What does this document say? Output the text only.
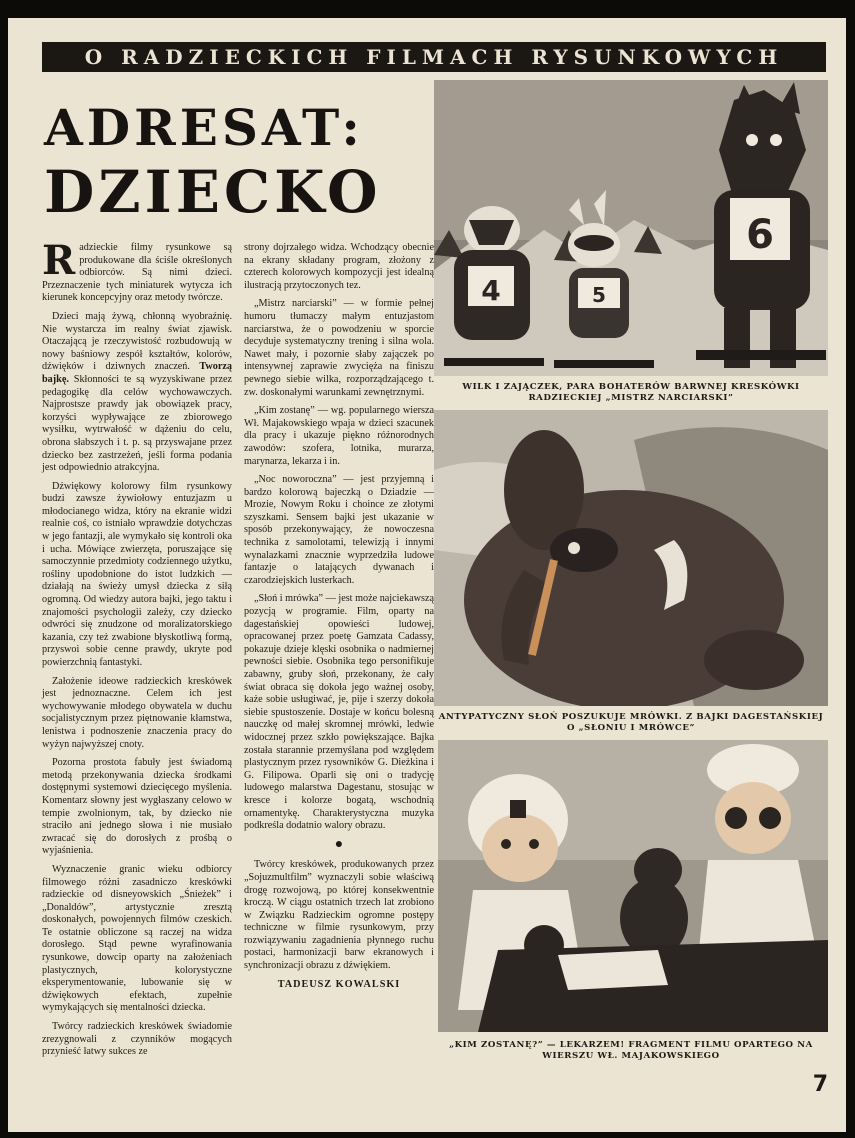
O RADZIECKICH FILMACH RYSUNKOWYCH
ADRESAT:
DZIECKO

Radzieckie filmy rysunkowe są produkowane dla ściśle określonych odbiorców. Są nimi dzieci. Przeznaczenie tych miniaturek wytycza ich kierunek koncepcyjny oraz metody twórcze.

Dzieci mają żywą, chłonną wyobraźnię. Nie wystarcza im realny świat zjawisk. Otaczającą je rzeczywistość rozbudowują w nowy baśniowy zespół kształtów, kolorów, dźwięków i dziwnych znaczeń. Tworzą bajkę. Skłonności te są wyzyskiwane przez pedagogikę dla celów wychowawczych. Najprostsze prawdy jak obowiązek pracy, korzyści wypływające ze zbiorowego wysiłku, wytrwałość w dążeniu do celu, obrona słabszych i t. p. są przyswajane przez dziecko bez zastrzeżeń, jeśli forma podania jest odpowiednio atrakcyjna.

Dźwiękowy kolorowy film rysunkowy budzi zawsze żywiołowy entuzjazm u młodocianego widza, który na ekranie widzi realnie coś, co istniało wprawdzie dotychczas w jego fantazji, ale wymykało się kontroli oka i ucha. Mówiące zwierzęta, poruszające się samoczynnie przedmioty codziennego użytku, rośliny upodobnione do istot ludzkich — działają na świeży umysł dziecka z siłą ogromną. Od wiedzy autora bajki, jego taktu i znajomości psychologii zależy, czy dziecko odwróci się znudzone od moralizatorskiego kazania, czy też zwabione błyskotliwą formą, przyswoi sobie cenne prawdy, ukryte pod powierzchnią fantastyki.

Założenie ideowe radzieckich kreskówek jest jednoznaczne. Celem ich jest wychowywanie młodego obywatela w duchu socjalistycznym przez piętnowanie kłamstwa, lenistwa i podnoszenie znaczenia pracy do wyżyn najwyższej cnoty.

Pozorna prostota fabuły jest świadomą metodą przekonywania dziecka środkami dostępnymi systemowi dziecięcego myślenia. Komentarz słowny jest wygłaszany celowo w tempie zwolnionym, tak, by dziecko nie straciło ani jednego słowa i nie musiało zwracać się do dorosłych z prośbą o wyjaśnienia.

Wyznaczenie granic wieku odbiorcy filmowego różni zasadniczo kreskówki radzieckie od disneyowskich „Śnieżek” i „Donaldów”, artystycznie zresztą doskonałych, powojennych filmów czeskich. Te ostatnie obliczone są raczej na widza dorosłego. Stąd pewne wyrafinowania rysunkowe, dowcip oparty na założeniach plastycznych, kolorystyczne eksperymentowanie, lubowanie się w dźwiękowych efektach, zupełnie wymykających się mentalności dziecka.

Twórcy radzieckich kreskówek świadomie zrezygnowali z czynników mogących przynieść łatwy sukces ze

strony dojrzałego widza. Wchodzący obecnie na ekrany składany program, złożony z czterech kolorowych kompozycji jest idealną ilustracją przytoczonych tez.

„Mistrz narciarski” — w formie pełnej humoru tłumaczy małym entuzjastom narciarstwa, że o powodzeniu w sporcie decyduje systematyczny trening i silna wola. Nawet mały, i pozornie słaby zajączek po intensywnej zaprawie zwycięża na finiszu pewnego siebie wilka, rozporządzającego t. zw. doskonałymi warunkami zewnętrznymi.

„Kim zostanę” — wg. popularnego wiersza Wł. Majakowskiego wpaja w dzieci szacunek dla pracy i ukazuje piękno różnorodnych zawodów: szofera, lotnika, murarza, marynarza, lekarza i in.

„Noc noworoczna” — jest przyjemną i bardzo kolorową bajeczką o Dziadzie — Mrozie, Nowym Roku i choince ze złotymi szyszkami. Sensem bajki jest ukazanie w sposób przekonywający, że nowoczesna technika z samolotami, telewizją i innymi wynalazkami znacznie wyprzedziła ludowe fantazje o latających dywanach i czarodziejskich lusterkach.

„Słoń i mrówka” — jest może najciekawszą pozycją w programie. Film, oparty na dagestańskiej opowieści ludowej, opracowanej przez poetę Gamzata Cadassy, pokazuje dzieje klęski osobnika o nadmiernej pewności siebie. Osobnika tego personifikuje zabawny, gruby słoń, przekonany, że cały świat obraca się dokoła jego ważnej osoby, każe sobie usługiwać, je, pije i szerzy dokoła siebie spustoszenie. Dostaje w końcu bolesną nauczkę od małej skromnej mrówki, ledwie widocznej przez szkło powiększające. Bajka została starannie przemyślana pod względem plastycznym przez rysowników G. Dieżkina i G. Filipowa. Oparli się oni o tradycję ludowego malarstwa Dagestanu, stosując w kresce i kolorze bogatą, wschodnią ornamentykę. Charakterystyczna muzyka podkreśla dodatnio walory obrazu.

●

Twórcy kreskówek, produkowanych przez „Sojuzmultfilm” wyznaczyli sobie właściwą drogę rozwojową, po której konsekwentnie kroczą. W ciągu ostatnich trzech lat zrobiono w Związku Radzieckim ogromne postępy techniczne w filmie rysunkowym, przy rozwiązywaniu zagadnienia płynnego ruchu postaci, harmonizacji barw ekranowych i synchronizacji obrazu z dźwiękiem.

TADEUSZ KOWALSKI

6
4	5
WILK I ZAJĄCZEK, PARA BOHATERÓW BARWNEJ KRESKÓWKI RADZIECKIEJ „MISTRZ NARCIARSKI”
ANTYPATYCZNY SŁOŃ POSZUKUJE MRÓWKI. Z BAJKI DAGESTAŃSKIEJ O „SŁONIU I MRÓWCE”
„KIM ZOSTANĘ?” — LEKARZEM! FRAGMENT FILMU OPARTEGO NA WIERSZU WŁ. MAJAKOWSKIEGO
7
